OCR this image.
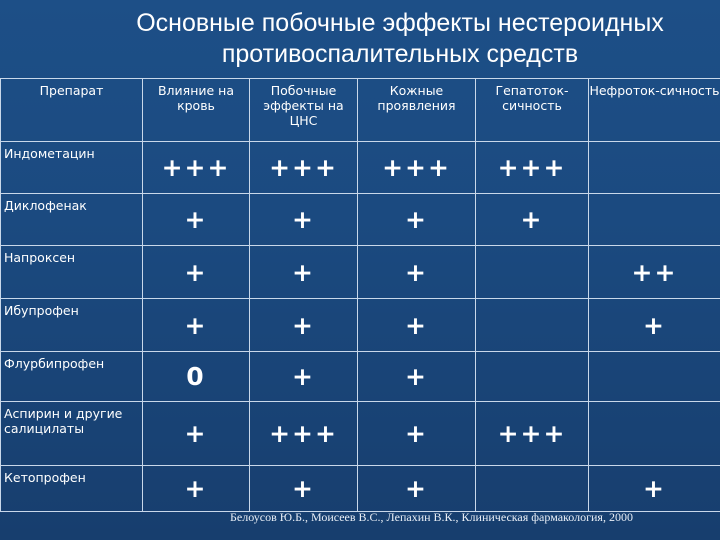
Основные побочные эффекты нестероидных противоспалительных средств
Препарат	Влияние на кровь	Побочные эффекты на ЦНС	Кожные проявления	Гепатоток-сичность	Нефроток-сичность
Индометацин	+++	+++	+++	+++	
Диклофенак	+	+	+	+	
Напроксен	+	+	+		++
Ибупрофен	+	+	+		+
Флурбипрофен	0	+	+		
Аспирин и другие салицилаты	+	+++	+	+++	
Кетопрофен	+	+	+		+
Белоусов Ю.Б., Моисеев В.С., Лепахин В.К., Клиническая фармакология, 2000
